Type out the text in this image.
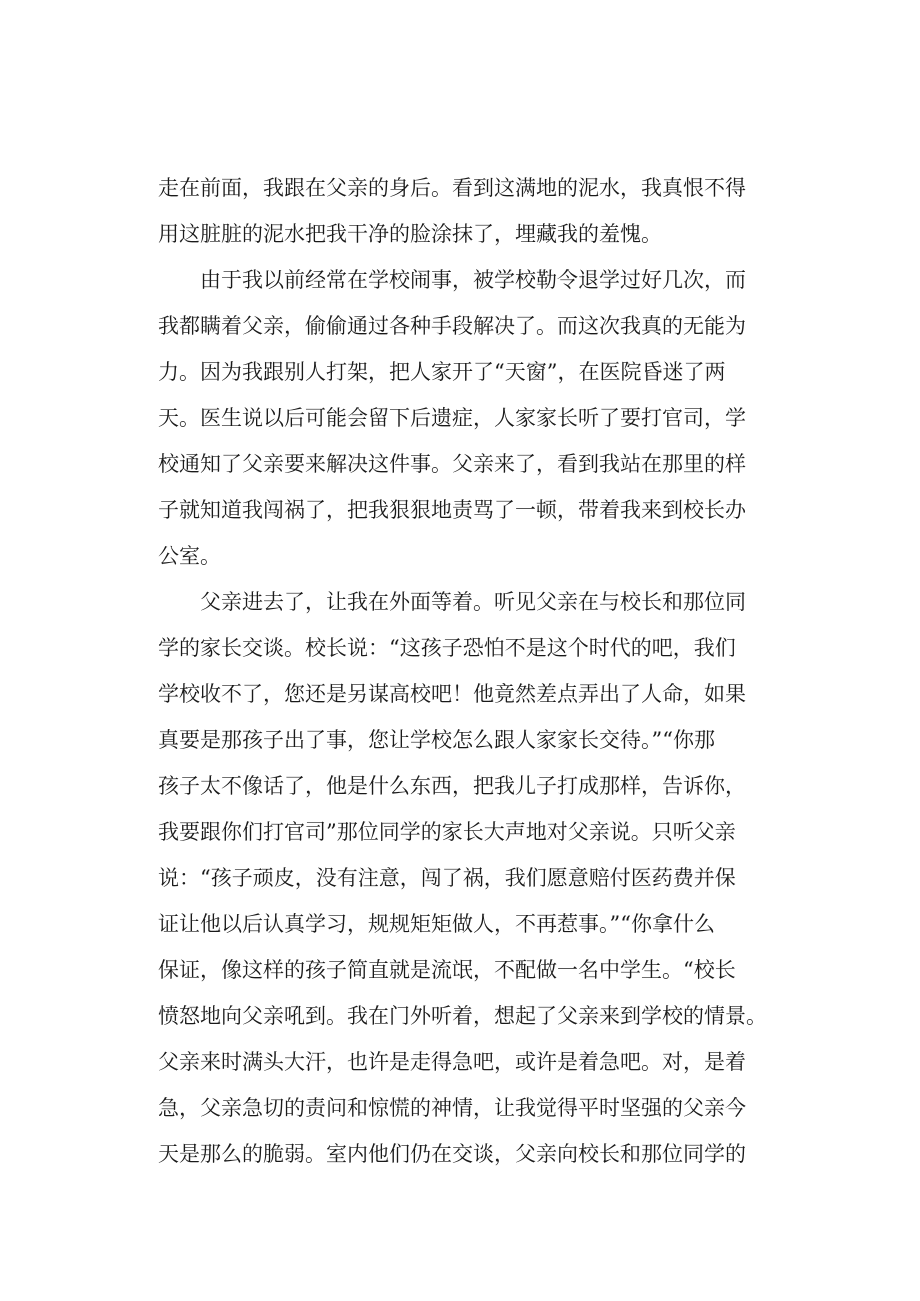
走在前面，我跟在父亲的身后。看到这满地的泥水，我真恨不得
用这脏脏的泥水把我干净的脸涂抹了，埋藏我的羞愧。
由于我以前经常在学校闹事，被学校勒令退学过好几次，而
我都瞒着父亲，偷偷通过各种手段解决了。而这次我真的无能为
力。因为我跟别人打架，把人家开了“天窗”，在医院昏迷了两
天。医生说以后可能会留下后遗症，人家家长听了要打官司，学
校通知了父亲要来解决这件事。父亲来了，看到我站在那里的样
子就知道我闯祸了，把我狠狠地责骂了一顿，带着我来到校长办
公室。
父亲进去了，让我在外面等着。听见父亲在与校长和那位同
学的家长交谈。校长说：“这孩子恐怕不是这个时代的吧，我们
学校收不了，您还是另谋高校吧！他竟然差点弄出了人命，如果
真要是那孩子出了事，您让学校怎么跟人家家长交待。”“你那
孩子太不像话了，他是什么东西，把我儿子打成那样，告诉你，
我要跟你们打官司”那位同学的家长大声地对父亲说。只听父亲
说：“孩子顽皮，没有注意，闯了祸，我们愿意赔付医药费并保
证让他以后认真学习，规规矩矩做人，不再惹事。”“你拿什么
保证，像这样的孩子简直就是流氓，不配做一名中学生。“校长
愤怒地向父亲吼到。我在门外听着，想起了父亲来到学校的情景。
父亲来时满头大汗，也许是走得急吧，或许是着急吧。对，是着
急，父亲急切的责问和惊慌的神情，让我觉得平时坚强的父亲今
天是那么的脆弱。室内他们仍在交谈，父亲向校长和那位同学的
